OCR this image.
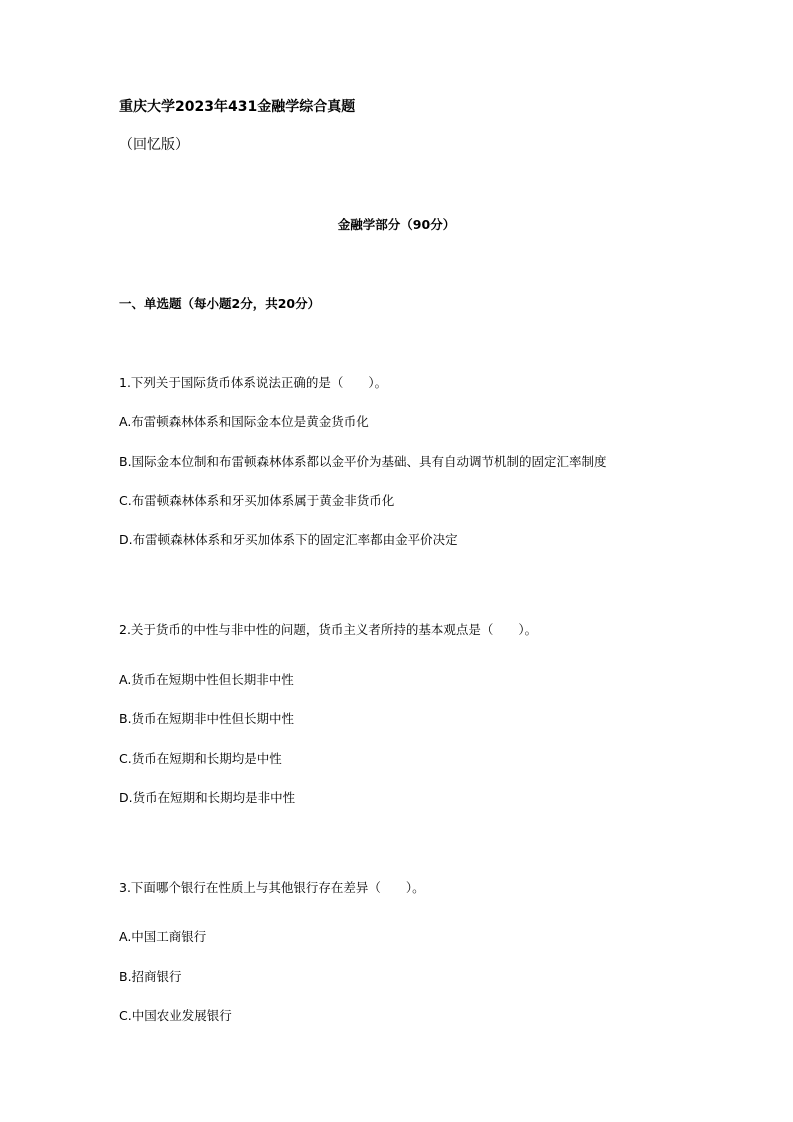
重庆大学2023年431金融学综合真题
（回忆版）
金融学部分（90分）
一、单选题（每小题2分，共20分）
1.下列关于国际货币体系说法正确的是（　　）。
A.布雷顿森林体系和国际金本位是黄金货币化
B.国际金本位制和布雷顿森林体系都以金平价为基础、具有自动调节机制的固定汇率制度
C.布雷顿森林体系和牙买加体系属于黄金非货币化
D.布雷顿森林体系和牙买加体系下的固定汇率都由金平价决定
2.关于货币的中性与非中性的问题，货币主义者所持的基本观点是（　　）。
A.货币在短期中性但长期非中性
B.货币在短期非中性但长期中性
C.货币在短期和长期均是中性
D.货币在短期和长期均是非中性
3.下面哪个银行在性质上与其他银行存在差异（　　）。
A.中国工商银行
B.招商银行
C.中国农业发展银行
